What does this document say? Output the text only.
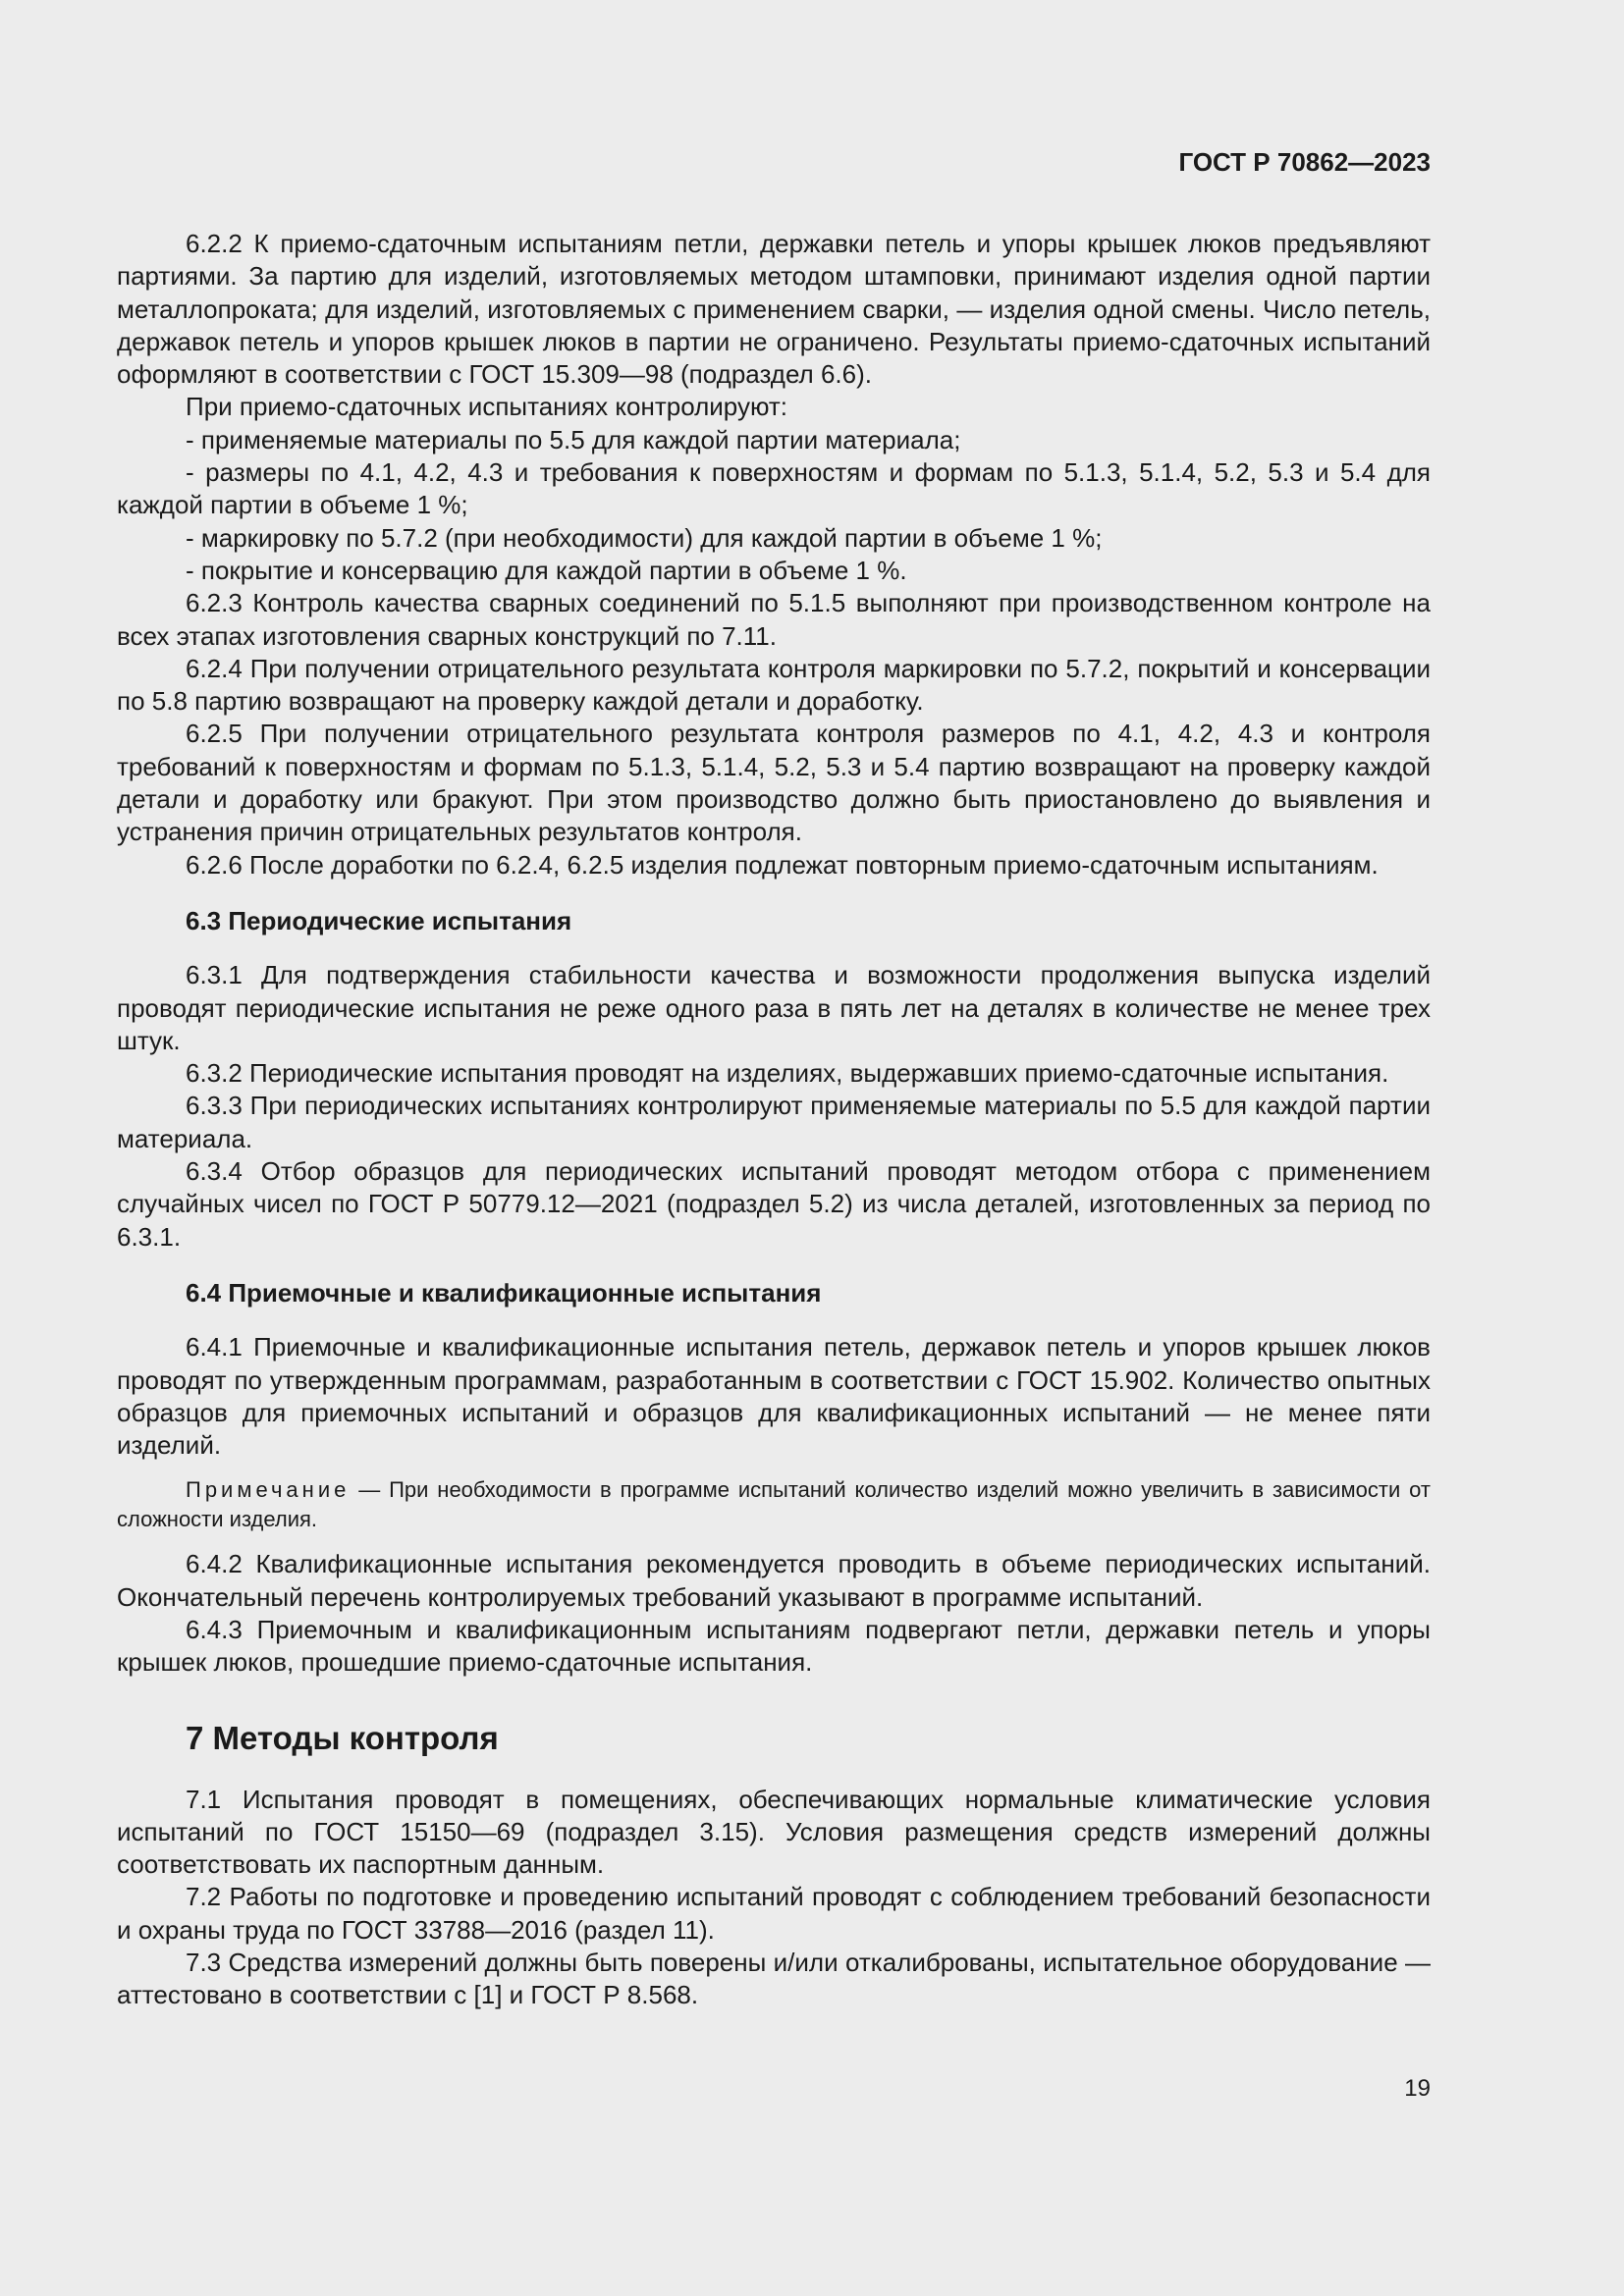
ГОСТ Р 70862—2023

6.2.2 К приемо-сдаточным испытаниям петли, державки петель и упоры крышек люков предъявляют партиями. За партию для изделий, изготовляемых методом штамповки, принимают изделия одной партии металлопроката; для изделий, изготовляемых с применением сварки, — изделия одной смены. Число петель, державок петель и упоров крышек люков в партии не ограничено. Результаты приемо-сдаточных испытаний оформляют в соответствии с ГОСТ 15.309—98 (подраздел 6.6).

При приемо-сдаточных испытаниях контролируют:

- применяемые материалы по 5.5 для каждой партии материала;

- размеры по 4.1, 4.2, 4.3 и требования к поверхностям и формам по 5.1.3, 5.1.4, 5.2, 5.3 и 5.4 для каждой партии в объеме 1 %;

- маркировку по 5.7.2 (при необходимости) для каждой партии в объеме 1 %;

- покрытие и консервацию для каждой партии в объеме 1 %.

6.2.3 Контроль качества сварных соединений по 5.1.5 выполняют при производственном контроле на всех этапах изготовления сварных конструкций по 7.11.

6.2.4 При получении отрицательного результата контроля маркировки по 5.7.2, покрытий и консервации по 5.8 партию возвращают на проверку каждой детали и доработку.

6.2.5 При получении отрицательного результата контроля размеров по 4.1, 4.2, 4.3 и контроля требований к поверхностям и формам по 5.1.3, 5.1.4, 5.2, 5.3 и 5.4 партию возвращают на проверку каждой детали и доработку или бракуют. При этом производство должно быть приостановлено до выявления и устранения причин отрицательных результатов контроля.

6.2.6 После доработки по 6.2.4, 6.2.5 изделия подлежат повторным приемо-сдаточным испытаниям.

6.3 Периодические испытания

6.3.1 Для подтверждения стабильности качества и возможности продолжения выпуска изделий проводят периодические испытания не реже одного раза в пять лет на деталях в количестве не менее трех штук.

6.3.2 Периодические испытания проводят на изделиях, выдержавших приемо-сдаточные испытания.

6.3.3 При периодических испытаниях контролируют применяемые материалы по 5.5 для каждой партии материала.

6.3.4 Отбор образцов для периодических испытаний проводят методом отбора с применением случайных чисел по ГОСТ Р 50779.12—2021 (подраздел 5.2) из числа деталей, изготовленных за период по 6.3.1.

6.4 Приемочные и квалификационные испытания

6.4.1 Приемочные и квалификационные испытания петель, державок петель и упоров крышек люков проводят по утвержденным программам, разработанным в соответствии с ГОСТ 15.902. Количество опытных образцов для приемочных испытаний и образцов для квалификационных испытаний — не менее пяти изделий.

Примечание — При необходимости в программе испытаний количество изделий можно увеличить в зависимости от сложности изделия.

6.4.2 Квалификационные испытания рекомендуется проводить в объеме периодических испытаний. Окончательный перечень контролируемых требований указывают в программе испытаний.

6.4.3 Приемочным и квалификационным испытаниям подвергают петли, державки петель и упоры крышек люков, прошедшие приемо-сдаточные испытания.

7 Методы контроля

7.1 Испытания проводят в помещениях, обеспечивающих нормальные климатические условия испытаний по ГОСТ 15150—69 (подраздел 3.15). Условия размещения средств измерений должны соответствовать их паспортным данным.

7.2 Работы по подготовке и проведению испытаний проводят с соблюдением требований безопасности и охраны труда по ГОСТ 33788—2016 (раздел 11).

7.3 Средства измерений должны быть поверены и/или откалиброваны, испытательное оборудование — аттестовано в соответствии с [1] и ГОСТ Р 8.568.

19
